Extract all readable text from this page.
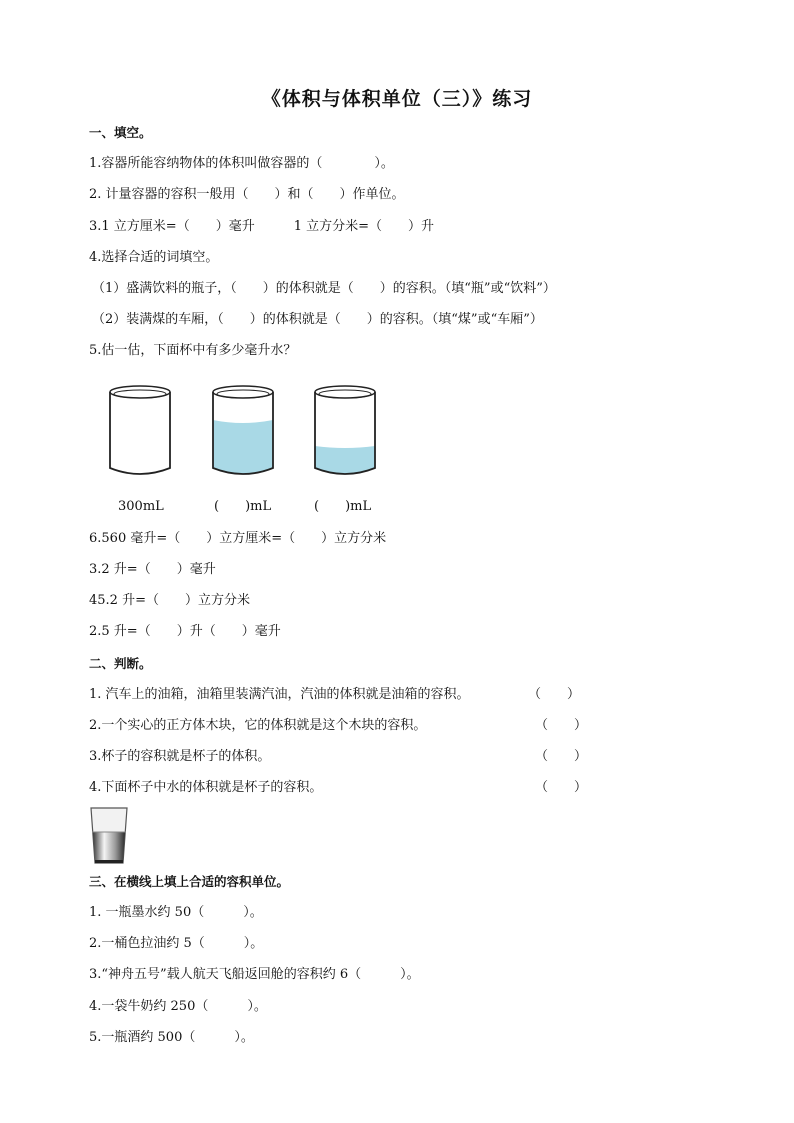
《体积与体积单位（三）》练习
一、填空。
1.容器所能容纳物体的体积叫做容器的（　　　　）。
2. 计量容器的容积一般用（　　）和（　　）作单位。
3.1 立方厘米=（　　）毫升　　　1 立方分米=（　　）升
4.选择合适的词填空。
（1）盛满饮料的瓶子，（　　）的体积就是（　　）的容积。（填“瓶”或“饮料”）
（2）装满煤的车厢，（　　）的体积就是（　　）的容积。（填“煤”或“车厢”）
5.估一估，下面杯中有多少毫升水？
300mL	(　　)mL	(　　)mL
6.560 毫升=（　　）立方厘米=（　　）立方分米
3.2 升=（　　）毫升
45.2 升=（　　）立方分米
2.5 升=（　　）升（　　）毫升
二、判断。
1. 汽车上的油箱，油箱里装满汽油，汽油的体积就是油箱的容积。	（　　）
2.一个实心的正方体木块，它的体积就是这个木块的容积。	（　　）
3.杯子的容积就是杯子的体积。	（　　）
4.下面杯子中水的体积就是杯子的容积。	（　　）
三、在横线上填上合适的容积单位。
1. 一瓶墨水约 50（　　　）。
2.一桶色拉油约 5（　　　）。
3.“神舟五号”载人航天飞船返回舱的容积约 6（　　　）。
4.一袋牛奶约 250（　　　）。
5.一瓶酒约 500（　　　）。
